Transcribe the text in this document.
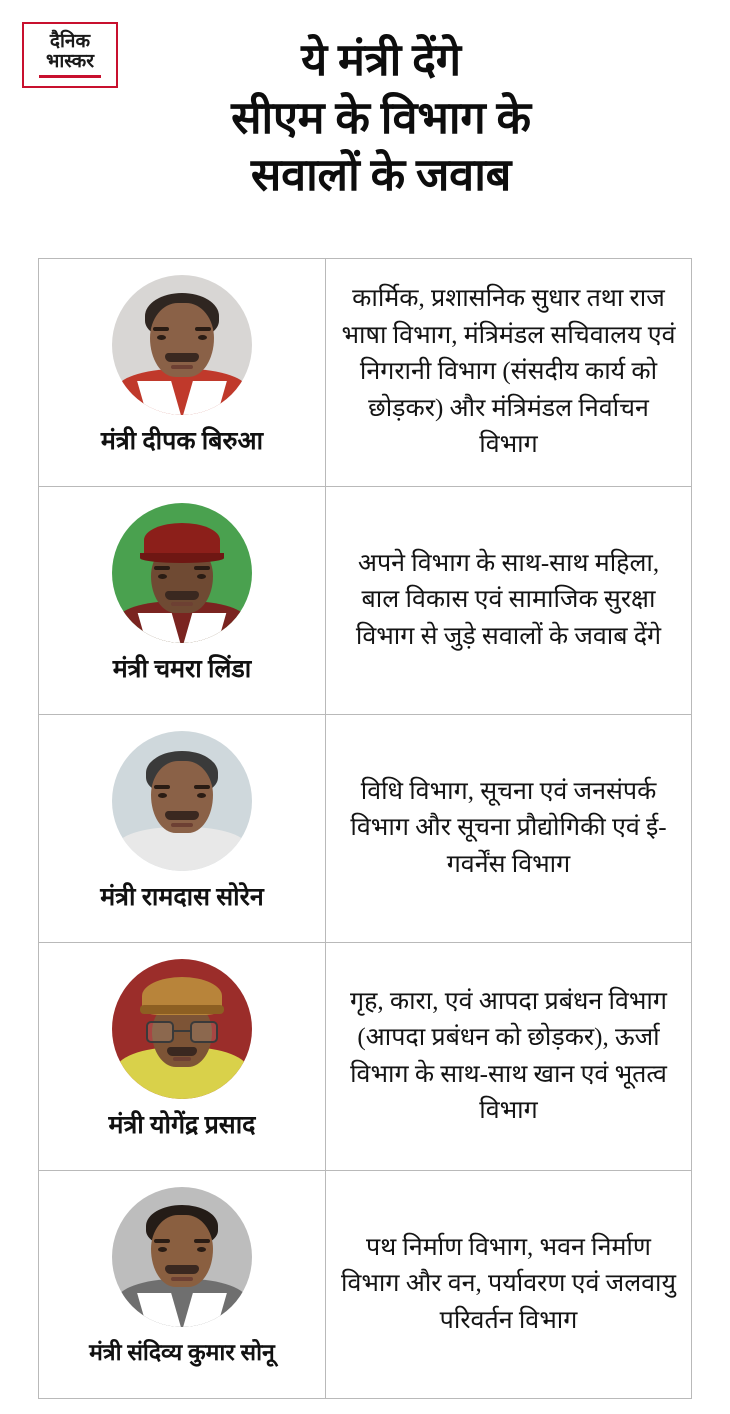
दैनिक
भास्कर	ये मंत्री देंगे
सीएम के विभाग के
सवालों के जवाब
मंत्री दीपक बिरुआ

कार्मिक, प्रशासनिक सुधार तथा राज भाषा विभाग, मंत्रिमंडल सचिवालय एवं निगरानी विभाग (संसदीय कार्य को छोड़कर) और मंत्रिमंडल निर्वाचन विभाग

मंत्री चमरा लिंडा

अपने विभाग के साथ-साथ महिला, बाल विकास एवं सामाजिक सुरक्षा विभाग से जुड़े सवालों के जवाब देंगे

मंत्री रामदास सोरेन

विधि विभाग, सूचना एवं जनसंपर्क विभाग और सूचना प्रौद्योगिकी एवं ई-गवर्नेंस विभाग

मंत्री योगेंद्र प्रसाद

गृह, कारा, एवं आपदा प्रबंधन विभाग (आपदा प्रबंधन को छोड़कर), ऊर्जा विभाग के साथ-साथ खान एवं भूतत्व विभाग

मंत्री संदिव्य कुमार सोनू

पथ निर्माण विभाग, भवन निर्माण विभाग और वन, पर्यावरण एवं जलवायु परिवर्तन विभाग
